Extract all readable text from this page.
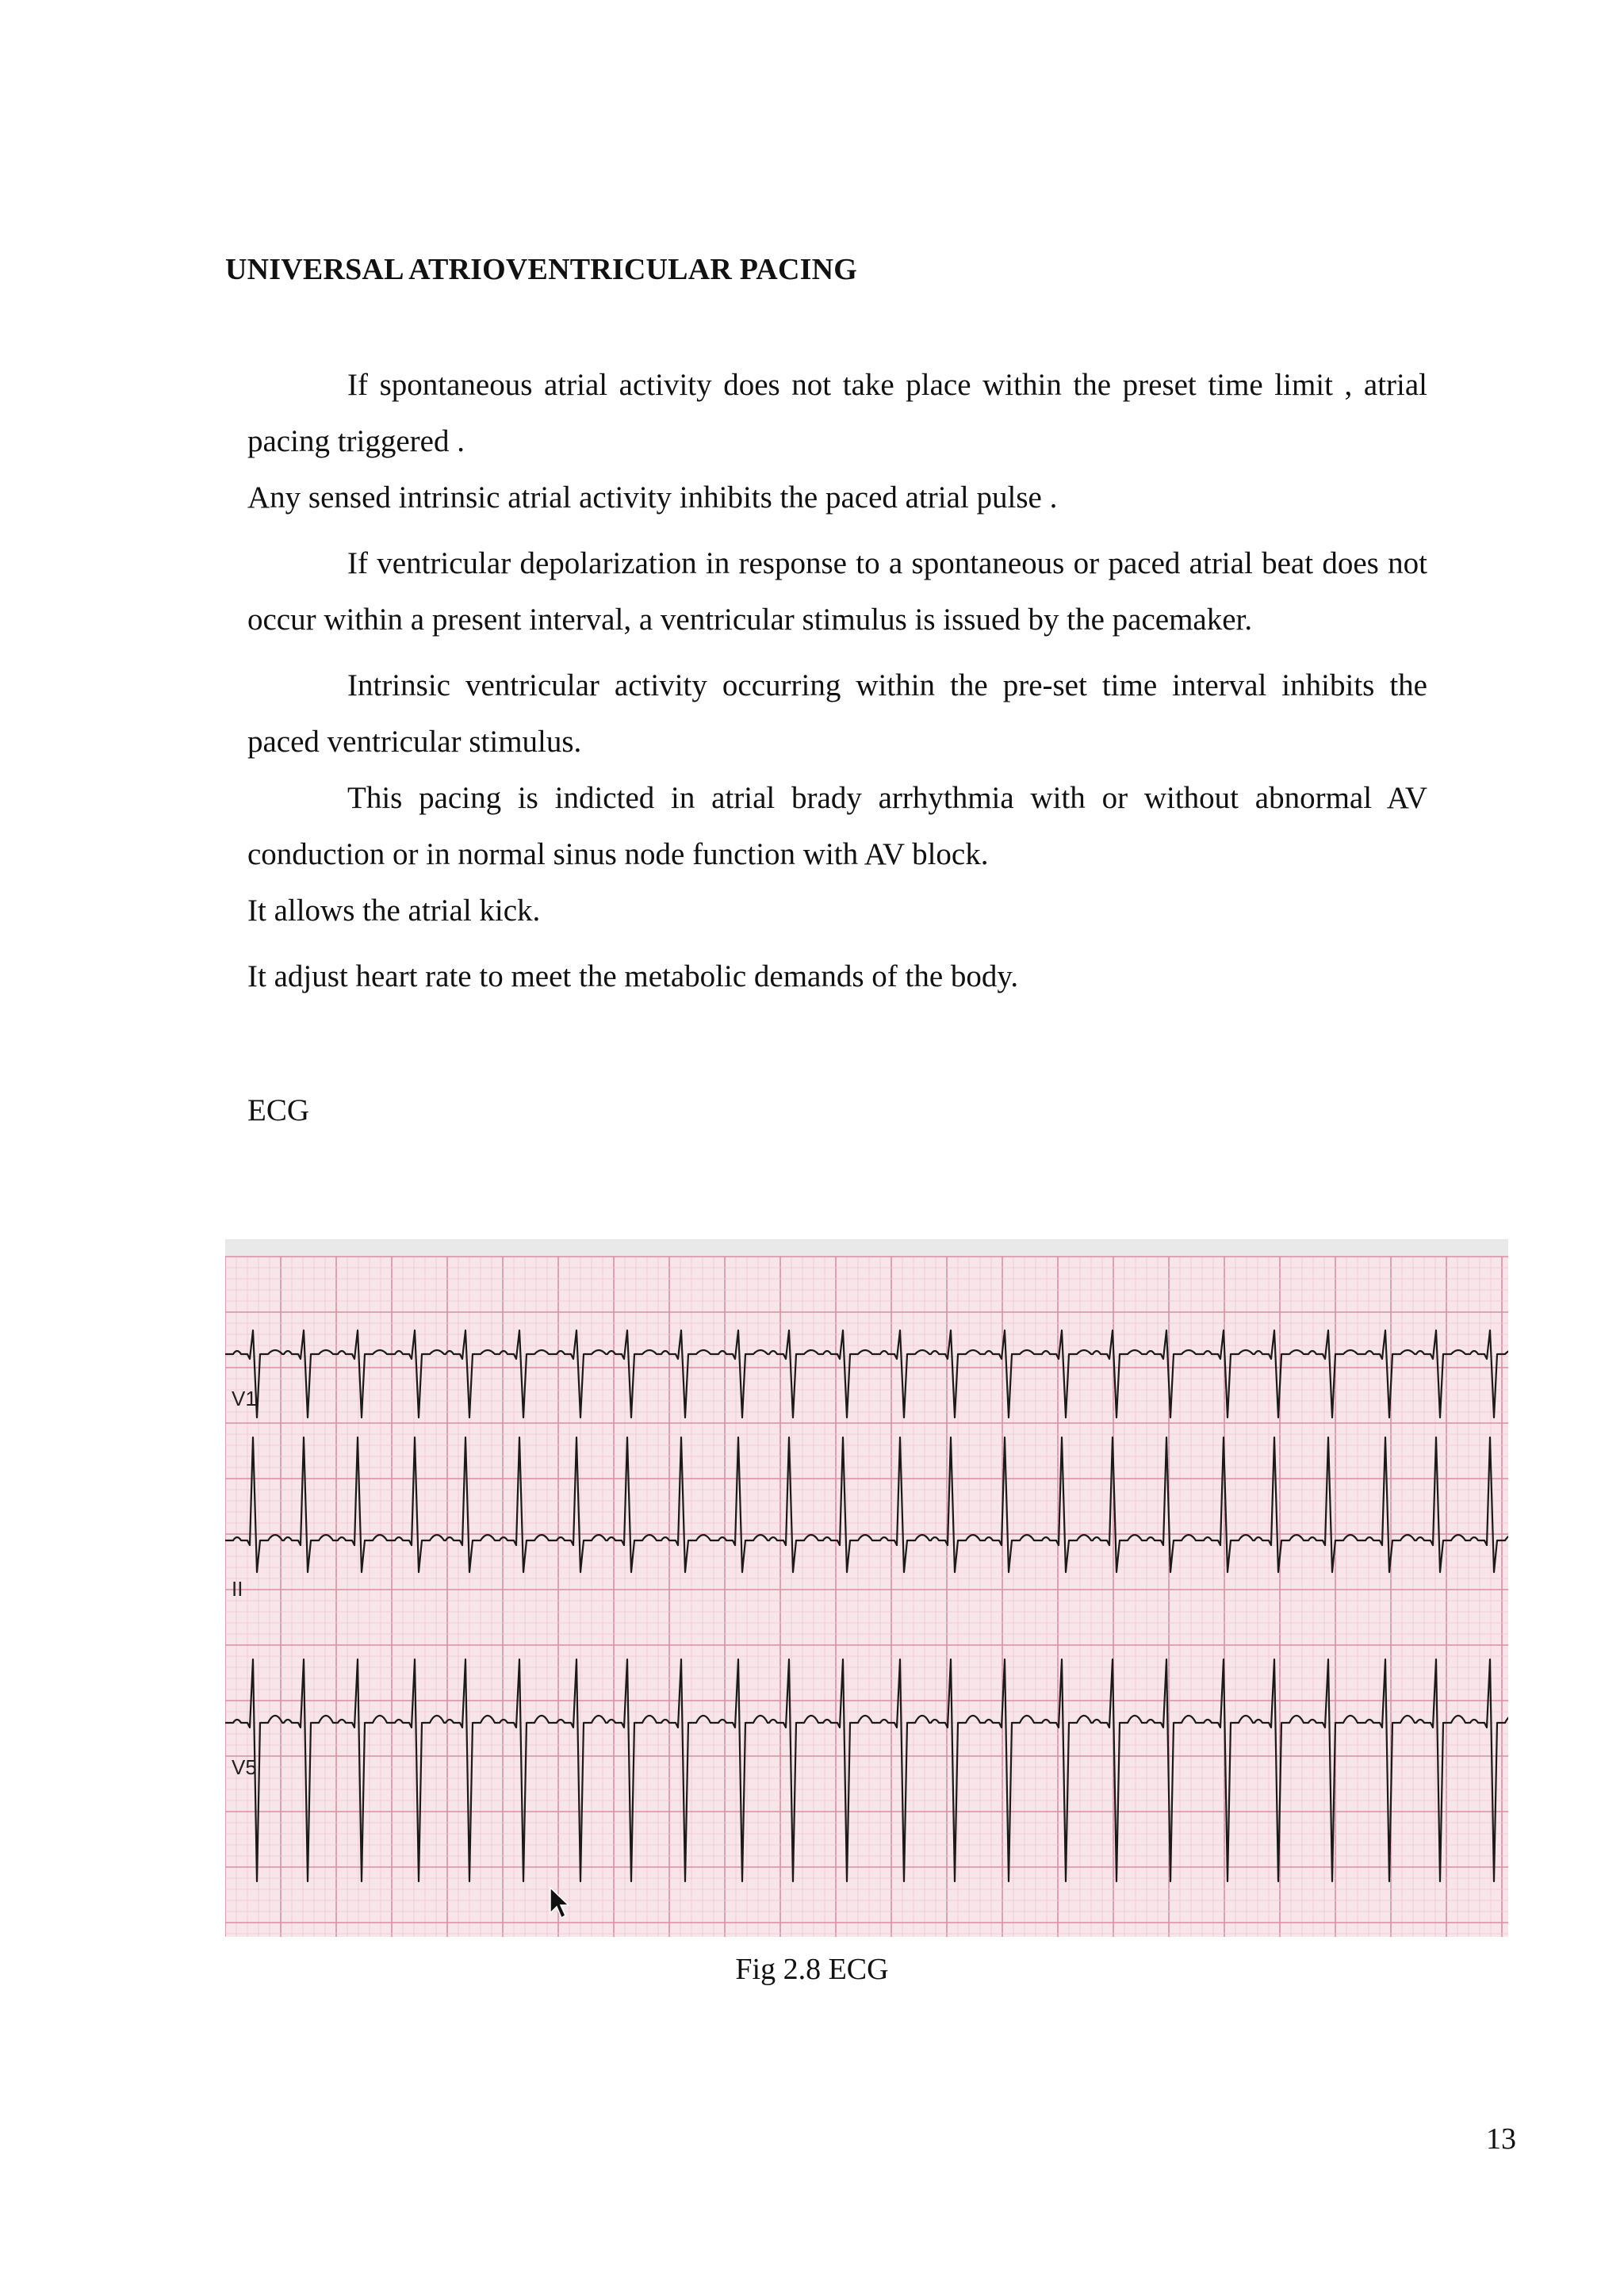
UNIVERSAL ATRIOVENTRICULAR PACING

If spontaneous atrial activity does not take place within the preset time limit , atrial pacing triggered .

Any sensed intrinsic atrial activity inhibits the paced atrial pulse .

If ventricular depolarization in response to a spontaneous or paced atrial beat does not occur within a present interval, a ventricular stimulus is issued by the pacemaker.

Intrinsic ventricular activity occurring within the pre-set time interval inhibits the paced ventricular stimulus.

This pacing is indicted in atrial brady arrhythmia with or without abnormal AV conduction or in normal sinus node function with AV block.

It allows the atrial kick.

It adjust heart rate to meet the metabolic demands of the body.

ECG
V1
II
V5
Fig 2.8 ECG
13
